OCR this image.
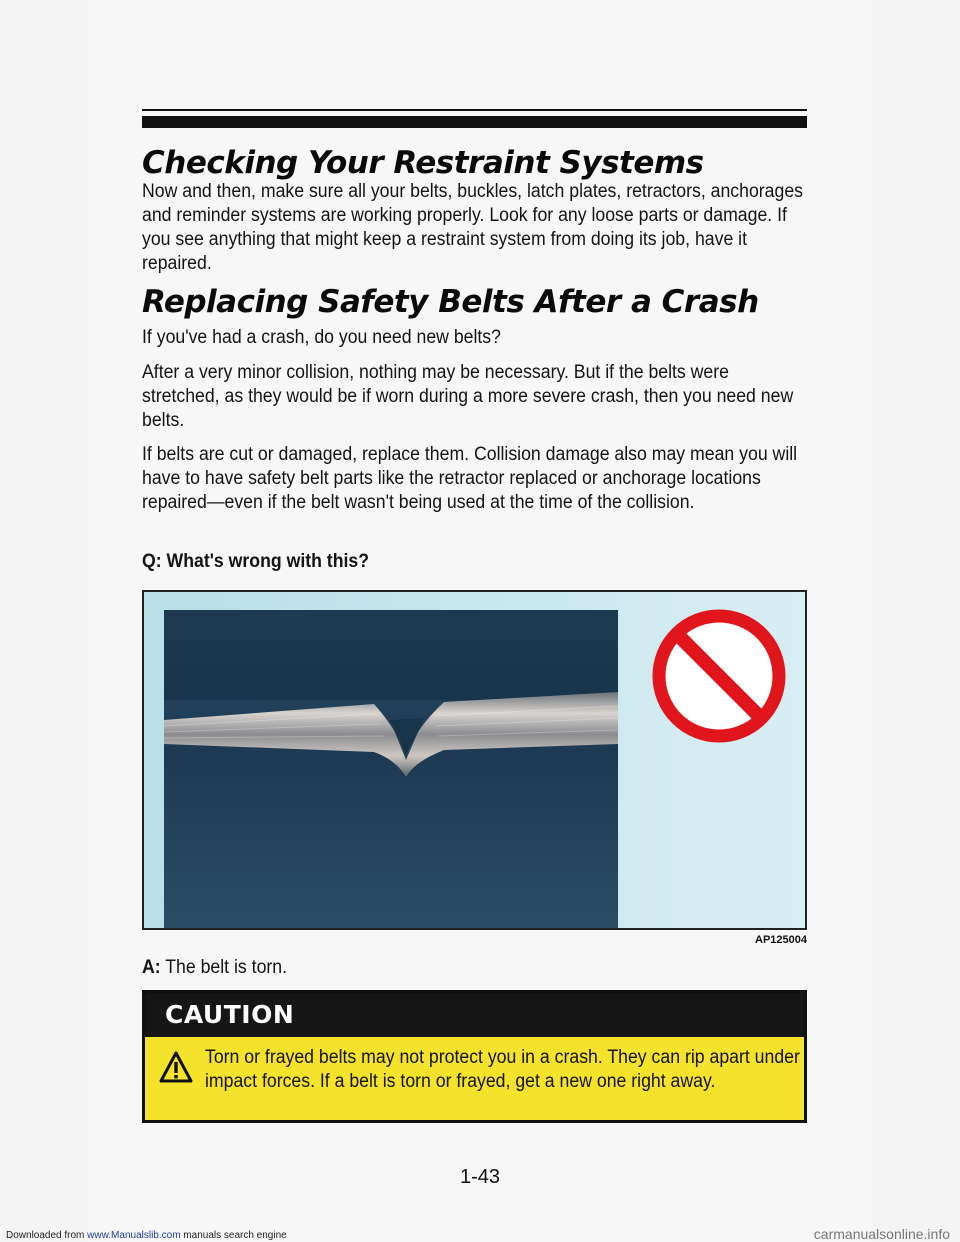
Checking Your Restraint Systems

Now and then, make sure all your belts, buckles, latch plates, retractors, anchorages and reminder systems are working properly. Look for any loose parts or damage. If you see anything that might keep a restraint system from doing its job, have it repaired.

Replacing Safety Belts After a Crash

If you've had a crash, do you need new belts?

After a very minor collision, nothing may be necessary. But if the belts were stretched, as they would be if worn during a more severe crash, then you need new belts.

If belts are cut or damaged, replace them. Collision damage also may mean you will have to have safety belt parts like the retractor replaced or anchorage locations repaired—even if the belt wasn't being used at the time of the collision.

Q: What's wrong with this?

AP125004

A: The belt is torn.

CAUTION
Torn or frayed belts may not protect you in a crash. They can rip apart under impact forces. If a belt is torn or frayed, get a new one right away.
1-43
Downloaded from www.Manualslib.com manuals search engine	carmanualsonline.info
